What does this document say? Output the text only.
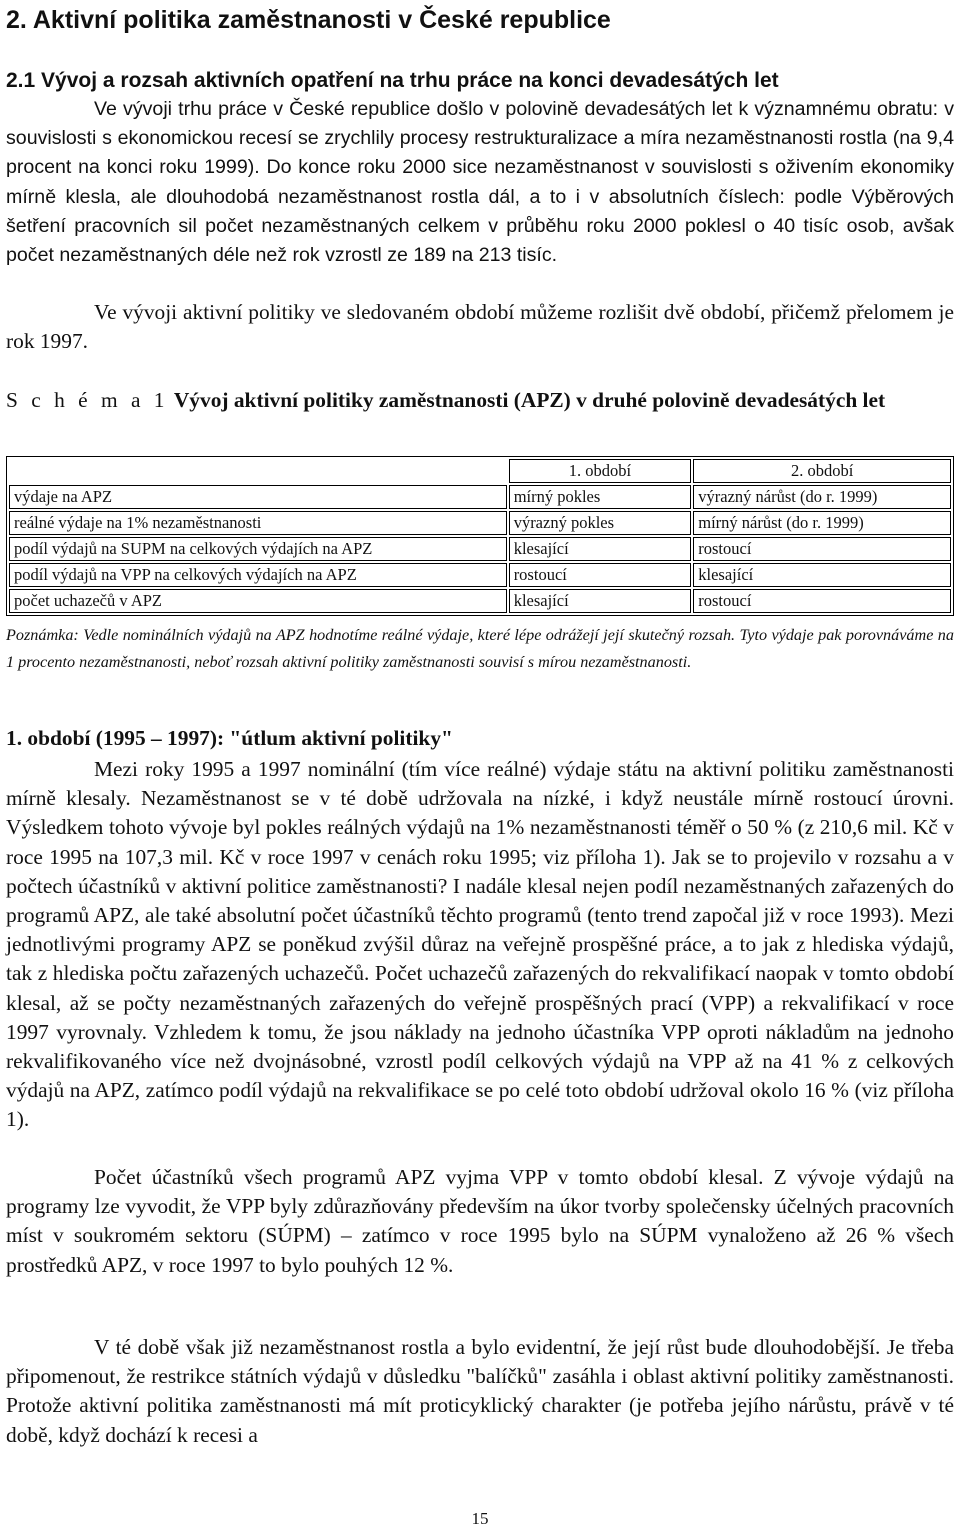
2. Aktivní politika zaměstnanosti v České republice
2.1 Vývoj a rozsah aktivních opatření na trhu práce na konci devadesátých let

Ve vývoji trhu práce v České republice došlo v polovině devadesátých let k významnému obratu: v souvislosti s ekonomickou recesí se zrychlily procesy restrukturalizace a míra nezaměstnanosti rostla (na 9,4 procent na konci roku 1999). Do konce roku 2000 sice nezaměstnanost v souvislosti s oživením ekonomiky mírně klesla, ale dlouhodobá nezaměstnanost rostla dál, a to i v absolutních číslech: podle Výběrových šetření pracovních sil počet nezaměstnaných celkem v průběhu roku 2000 poklesl o 40 tisíc osob, avšak počet nezaměstnaných déle než rok vzrostl ze 189 na 213 tisíc.

Ve vývoji aktivní politiky ve sledovaném období můžeme rozlišit dvě období, přičemž přelomem je rok 1997.

S c h é m a 1 Vývoj aktivní politiky zaměstnanosti (APZ) v druhé polovině devadesátých let

	1. období	2. období
výdaje na APZ	mírný pokles	výrazný nárůst (do r. 1999)
reálné výdaje na 1% nezaměstnanosti	výrazný pokles	mírný nárůst (do r. 1999)
podíl výdajů na SUPM na celkových výdajích na APZ	klesající	rostoucí
podíl výdajů na VPP na celkových výdajích na APZ	rostoucí	klesající
počet uchazečů v APZ	klesající	rostoucí

Poznámka: Vedle nominálních výdajů na APZ hodnotíme reálné výdaje, které lépe odrážejí její skutečný rozsah. Tyto výdaje pak porovnáváme na 1 procento nezaměstnanosti, neboť rozsah aktivní politiky zaměstnanosti souvisí s mírou nezaměstnanosti.

1. období (1995 – 1997): "útlum aktivní politiky"

Mezi roky 1995 a 1997 nominální (tím více reálné) výdaje státu na aktivní politiku zaměstnanosti mírně klesaly. Nezaměstnanost se v té době udržovala na nízké, i když neustále mírně rostoucí úrovni. Výsledkem tohoto vývoje byl pokles reálných výdajů na 1% nezaměstnanosti téměř o 50 % (z 210,6 mil. Kč v roce 1995 na 107,3 mil. Kč v roce 1997 v cenách roku 1995; viz příloha 1). Jak se to projevilo v rozsahu a v počtech účastníků v aktivní politice zaměstnanosti? I nadále klesal nejen podíl nezaměstnaných zařazených do programů APZ, ale také absolutní počet účastníků těchto programů (tento trend započal již v roce 1993). Mezi jednotlivými programy APZ se poněkud zvýšil důraz na veřejně prospěšné práce, a to jak z hlediska výdajů, tak z hlediska počtu zařazených uchazečů. Počet uchazečů zařazených do rekvalifikací naopak v tomto období klesal, až se počty nezaměstnaných zařazených do veřejně prospěšných prací (VPP) a rekvalifikací v roce 1997 vyrovnaly. Vzhledem k tomu, že jsou náklady na jednoho účastníka VPP oproti nákladům na jednoho rekvalifikovaného více než dvojnásobné, vzrostl podíl celkových výdajů na VPP až na 41 % z celkových výdajů na APZ, zatímco podíl výdajů na rekvalifikace se po celé toto období udržoval okolo 16 % (viz příloha 1).

Počet účastníků všech programů APZ vyjma VPP v tomto období klesal. Z vývoje výdajů na programy lze vyvodit, že VPP byly zdůrazňovány především na úkor tvorby společensky účelných pracovních míst v soukromém sektoru (SÚPM) – zatímco v roce 1995 bylo na SÚPM vynaloženo až 26 % všech prostředků APZ, v roce 1997 to bylo pouhých 12 %.

V té době však již nezaměstnanost rostla a bylo evidentní, že její růst bude dlouhodobější. Je třeba připomenout, že restrikce státních výdajů v důsledku "balíčků" zasáhla i oblast aktivní politiky zaměstnanosti. Protože aktivní politika zaměstnanosti má mít proticyklický charakter (je potřeba jejího nárůstu, právě v té době, když dochází k recesi a

15
